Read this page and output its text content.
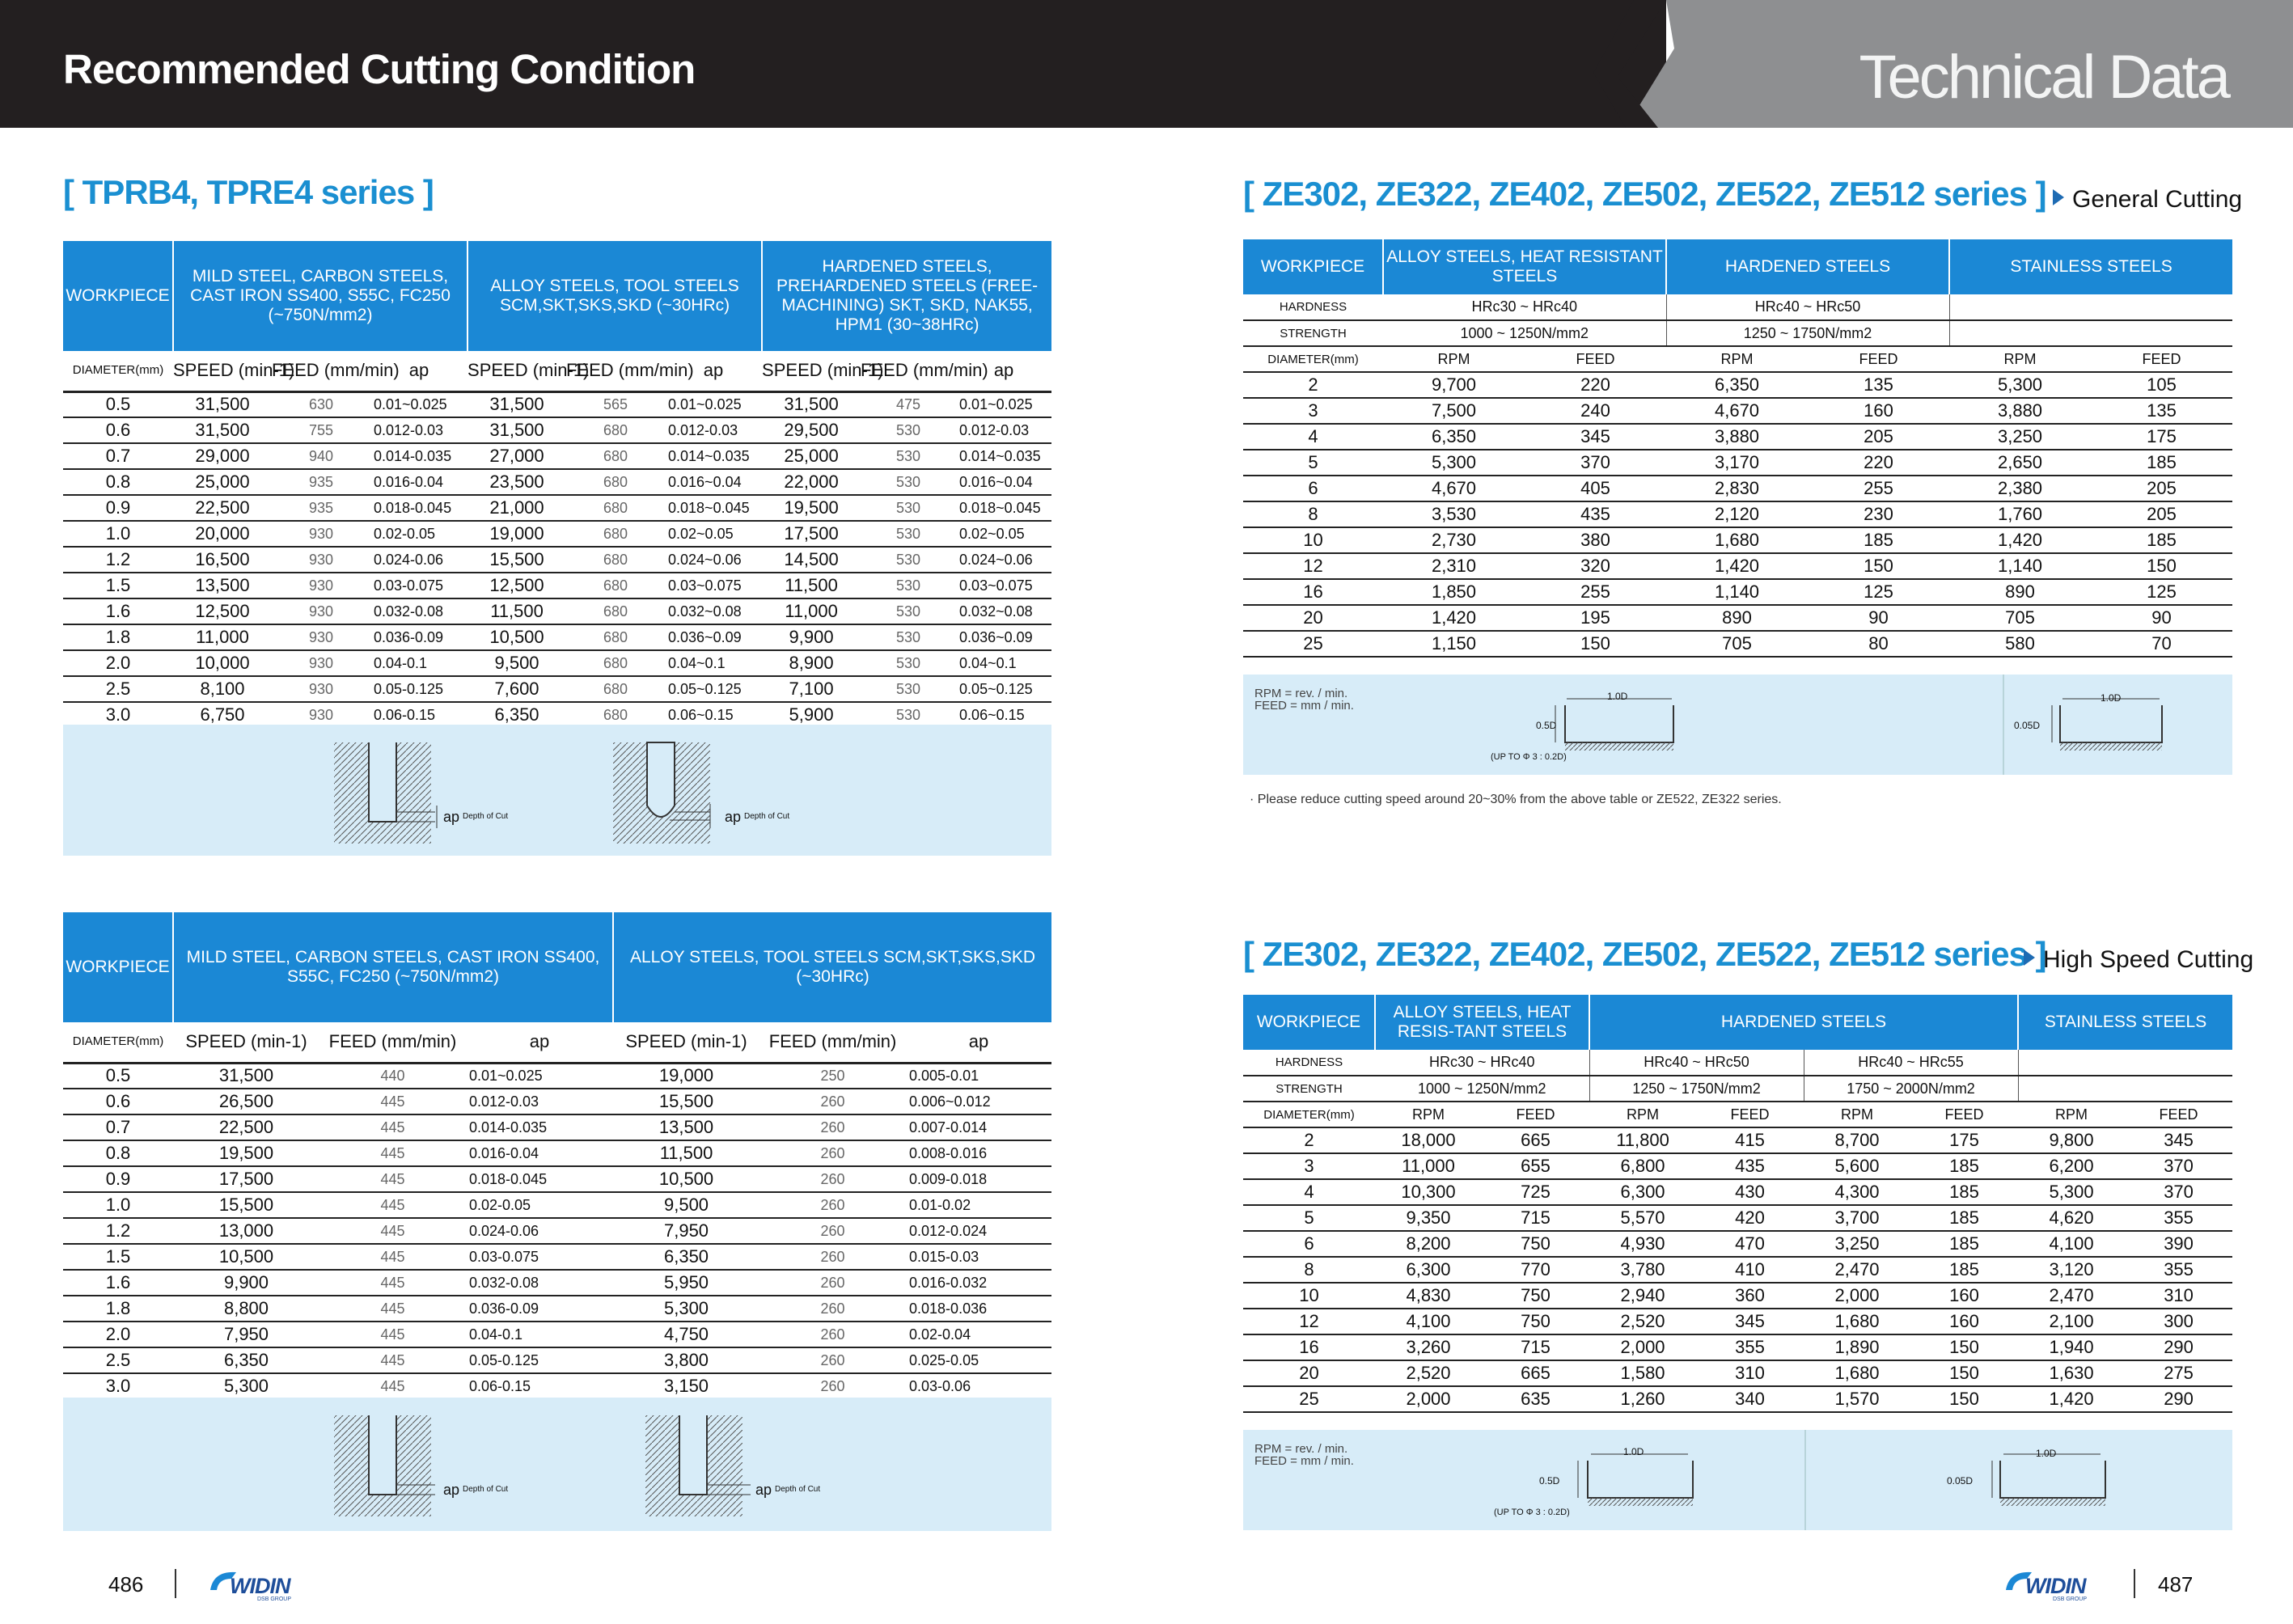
Recommended Cutting Condition	Technical Data
[ TPRB4, TPRE4 series ]
WORKPIECE	MILD STEEL, CARBON STEELS, CAST IRON SS400, S55C, FC250 (~750N/mm2)			ALLOY STEELS, TOOL STEELS SCM,SKT,SKS,SKD (~30HRc)			HARDENED STEELS, PREHARDENED STEELS (FREE-MACHINING) SKT, SKD, NAK55, HPM1 (30~38HRc)		
DIAMETER(mm)	SPEED (min-1)	FEED (mm/min)	ap	SPEED (min-1)	FEED (mm/min)	ap	SPEED (min-1)	FEED (mm/min)	ap
0.5	31,500	630	0.01~0.025	31,500	565	0.01~0.025	31,500	475	0.01~0.025
0.6	31,500	755	0.012-0.03	31,500	680	0.012-0.03	29,500	530	0.012-0.03
0.7	29,000	940	0.014-0.035	27,000	680	0.014~0.035	25,000	530	0.014~0.035
0.8	25,000	935	0.016-0.04	23,500	680	0.016~0.04	22,000	530	0.016~0.04
0.9	22,500	935	0.018-0.045	21,000	680	0.018~0.045	19,500	530	0.018~0.045
1.0	20,000	930	0.02-0.05	19,000	680	0.02~0.05	17,500	530	0.02~0.05
1.2	16,500	930	0.024-0.06	15,500	680	0.024~0.06	14,500	530	0.024~0.06
1.5	13,500	930	0.03-0.075	12,500	680	0.03~0.075	11,500	530	0.03~0.075
1.6	12,500	930	0.032-0.08	11,500	680	0.032~0.08	11,000	530	0.032~0.08
1.8	11,000	930	0.036-0.09	10,500	680	0.036~0.09	9,900	530	0.036~0.09
2.0	10,000	930	0.04-0.1	9,500	680	0.04~0.1	8,900	530	0.04~0.1
2.5	8,100	930	0.05-0.125	7,600	680	0.05~0.125	7,100	530	0.05~0.125
3.0	6,750	930	0.06-0.15	6,350	680	0.06~0.15	5,900	530	0.06~0.15
ap Depth of Cut	ap Depth of Cut
WORKPIECE	MILD STEEL, CARBON STEELS, CAST IRON SS400, S55C, FC250 (~750N/mm2)			ALLOY STEELS, TOOL STEELS SCM,SKT,SKS,SKD (~30HRc)		
DIAMETER(mm)	SPEED (min-1)	FEED (mm/min)	ap	SPEED (min-1)	FEED (mm/min)	ap
0.5	31,500	440	0.01~0.025	19,000	250	0.005-0.01
0.6	26,500	445	0.012-0.03	15,500	260	0.006~0.012
0.7	22,500	445	0.014-0.035	13,500	260	0.007-0.014
0.8	19,500	445	0.016-0.04	11,500	260	0.008-0.016
0.9	17,500	445	0.018-0.045	10,500	260	0.009-0.018
1.0	15,500	445	0.02-0.05	9,500	260	0.01-0.02
1.2	13,000	445	0.024-0.06	7,950	260	0.012-0.024
1.5	10,500	445	0.03-0.075	6,350	260	0.015-0.03
1.6	9,900	445	0.032-0.08	5,950	260	0.016-0.032
1.8	8,800	445	0.036-0.09	5,300	260	0.018-0.036
2.0	7,950	445	0.04-0.1	4,750	260	0.02-0.04
2.5	6,350	445	0.05-0.125	3,800	260	0.025-0.05
3.0	5,300	445	0.06-0.15	3,150	260	0.03-0.06
ap Depth of Cut	ap Depth of Cut
[ ZE302, ZE322, ZE402, ZE502, ZE522, ZE512 series ]	General Cutting
WORKPIECE	ALLOY STEELS, HEAT RESISTANT STEELS		HARDENED STEELS		STAINLESS STEELS	
HARDNESS	HRc30 ~ HRc40		HRc40 ~ HRc50			
STRENGTH	1000 ~ 1250N/mm2		1250 ~ 1750N/mm2			
DIAMETER(mm)	RPM	FEED	RPM	FEED	RPM	FEED
2	9,700	220	6,350	135	5,300	105
3	7,500	240	4,670	160	3,880	135
4	6,350	345	3,880	205	3,250	175
5	5,300	370	3,170	220	2,650	185
6	4,670	405	2,830	255	2,380	205
8	3,530	435	2,120	230	1,760	205
10	2,730	380	1,680	185	1,420	185
12	2,310	320	1,420	150	1,140	150
16	1,850	255	1,140	125	890	125
20	1,420	195	890	90	705	90
25	1,150	150	705	80	580	70
RPM = rev. / min.
FEED = mm / min.
1.0D
0.5D
(UP TO Φ 3 : 0.2D)
1.0D
0.05D
· Please reduce cutting speed around 20~30% from the above table or ZE522, ZE322 series.
[ ZE302, ZE322, ZE402, ZE502, ZE522, ZE512 series ]
High Speed Cutting
WORKPIECE	ALLOY STEELS, HEAT RESIS-TANT STEELS		HARDENED STEELS				STAINLESS STEELS	
HARDNESS	HRc30 ~ HRc40		HRc40 ~ HRc50		HRc40 ~ HRc55			
STRENGTH	1000 ~ 1250N/mm2		1250 ~ 1750N/mm2		1750 ~ 2000N/mm2			
DIAMETER(mm)	RPM	FEED	RPM	FEED	RPM	FEED	RPM	FEED
2	18,000	665	11,800	415	8,700	175	9,800	345
3	11,000	655	6,800	435	5,600	185	6,200	370
4	10,300	725	6,300	430	4,300	185	5,300	370
5	9,350	715	5,570	420	3,700	185	4,620	355
6	8,200	750	4,930	470	3,250	185	4,100	390
8	6,300	770	3,780	410	2,470	185	3,120	355
10	4,830	750	2,940	360	2,000	160	2,470	310
12	4,100	750	2,520	345	1,680	160	2,100	300
16	3,260	715	2,000	355	1,890	150	1,940	290
20	2,520	665	1,580	310	1,680	150	1,630	275
25	2,000	635	1,260	340	1,570	150	1,420	290
RPM = rev. / min.
FEED = mm / min.
1.0D
0.5D
(UP TO Φ 3 : 0.2D)
1.0D
0.05D
486	WIDIN
DSB GROUP
WIDIN
DSB GROUP
487
